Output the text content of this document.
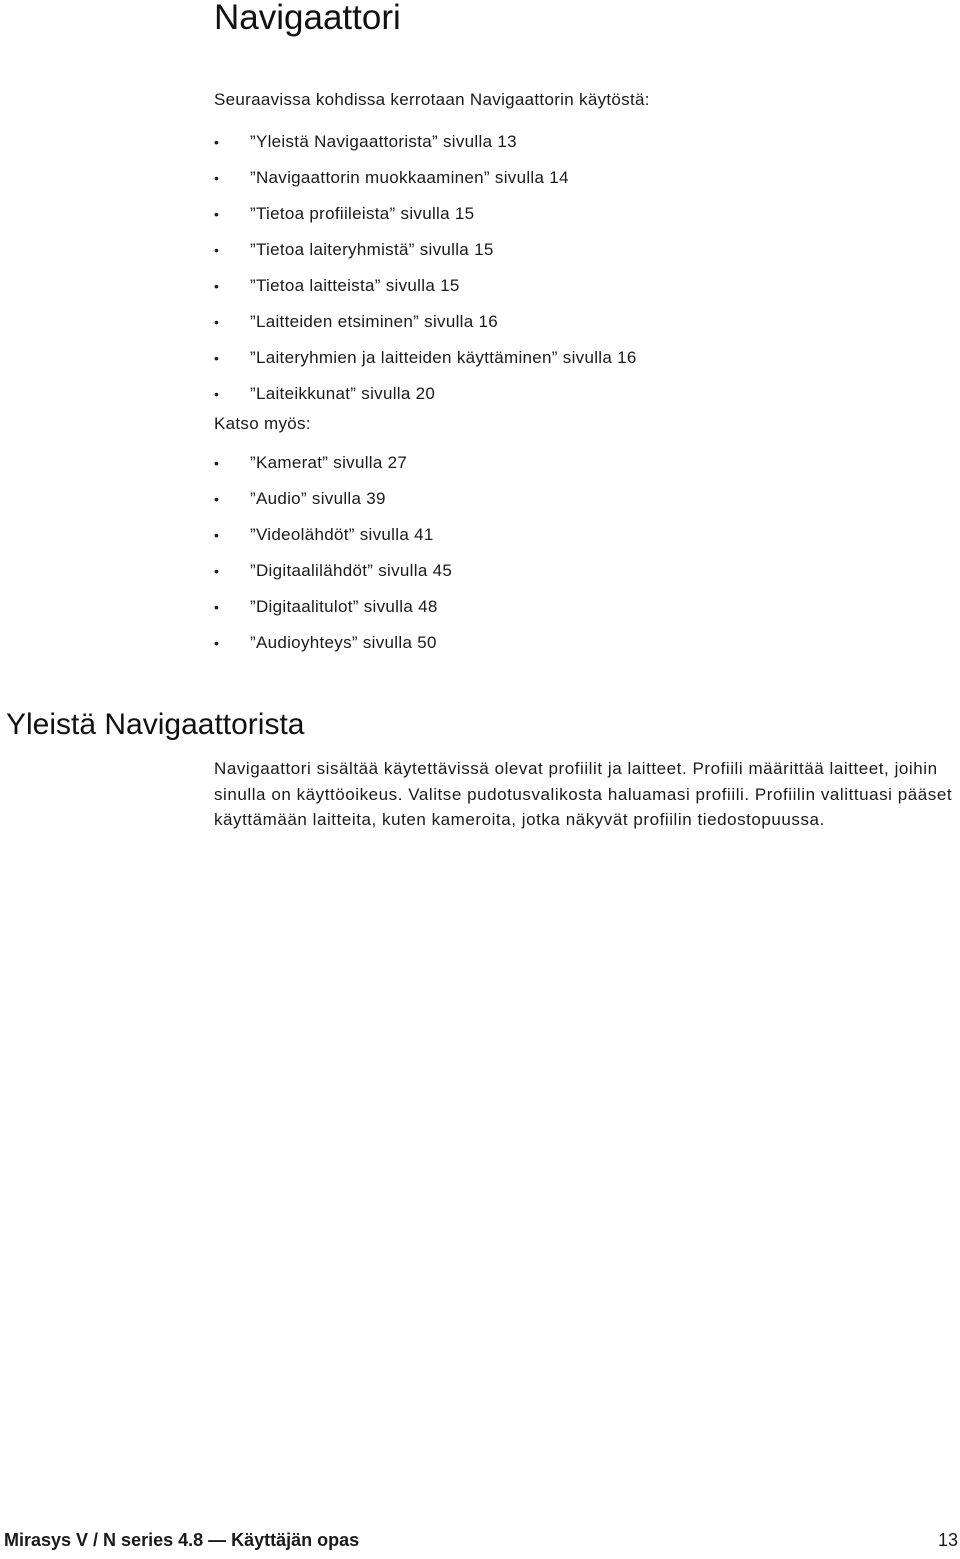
Navigaattori

Seuraavissa kohdissa kerrotaan Navigaattorin käytöstä:

• ”Yleistä Navigaattorista” sivulla 13
• ”Navigaattorin muokkaaminen” sivulla 14
• ”Tietoa profiileista” sivulla 15
• ”Tietoa laiteryhmistä” sivulla 15
• ”Tietoa laitteista” sivulla 15
• ”Laitteiden etsiminen” sivulla 16
• ”Laiteryhmien ja laitteiden käyttäminen” sivulla 16
• ”Laiteikkunat” sivulla 20

Katso myös:

• ”Kamerat” sivulla 27
• ”Audio” sivulla 39
• ”Videolähdöt” sivulla 41
• ”Digitaalilähdöt” sivulla 45
• ”Digitaalitulot” sivulla 48
• ”Audioyhteys” sivulla 50
Yleistä Navigaattorista

Navigaattori sisältää käytettävissä olevat profiilit ja laitteet. Profiili määrittää laitteet, joihin sinulla on käyttöoikeus. Valitse pudotusvalikosta haluamasi profiili. Profiilin valittuasi pääset käyttämään laitteita, kuten kameroita, jotka näkyvät profiilin tiedostopuussa.

Mirasys V / N series 4.8 — Käyttäjän opas	13
